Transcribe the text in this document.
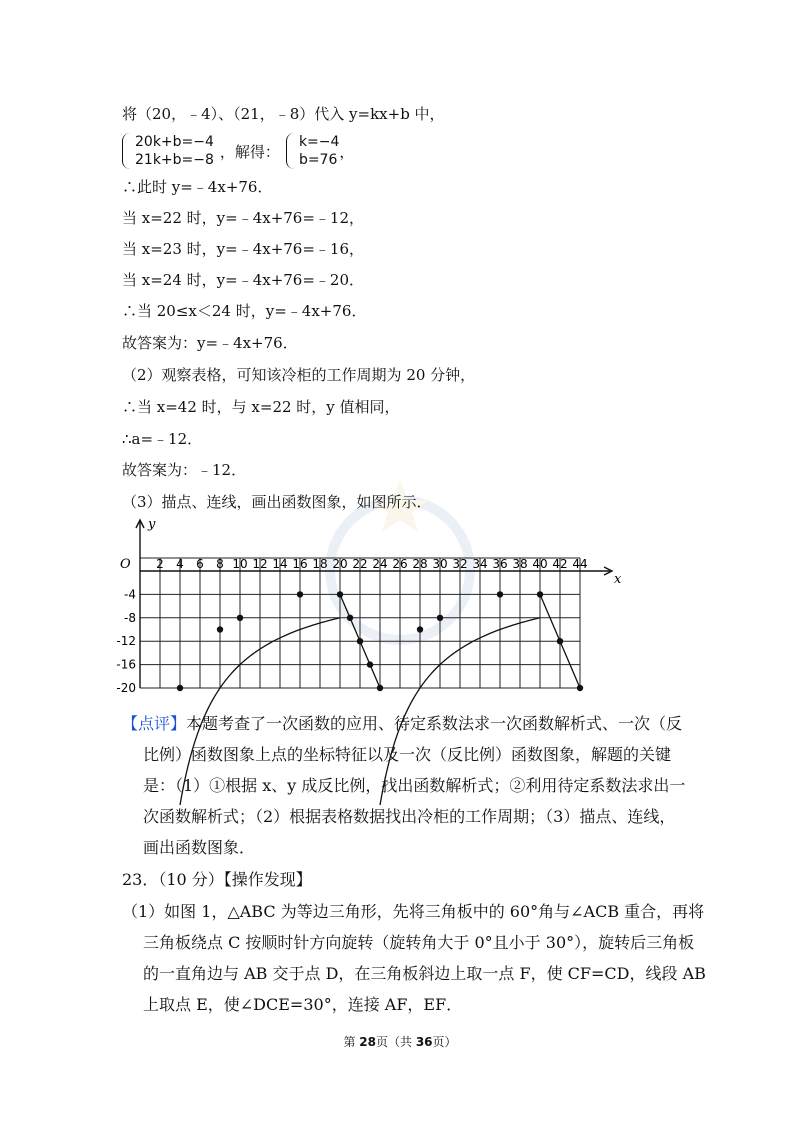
将（20，﹣4）、（21，﹣8）代入 y=kx+b 中，
20k+b=−4
21k+b=−8 ，解得：
k=−4
b=76 ，
∴此时 y=﹣4x+76．
当 x=22 时，y=﹣4x+76=﹣12，
当 x=23 时，y=﹣4x+76=﹣16，
当 x=24 时，y=﹣4x+76=﹣20．
∴当 20≤x＜24 时，y=﹣4x+76．
故答案为：y=﹣4x+76．
（2）观察表格，可知该冷柜的工作周期为 20 分钟，
∴当 x=42 时，与 x=22 时，y 值相同，
∴a=﹣12．
故答案为：﹣12．
（3）描点、连线，画出函数图象，如图所示．
y
x
O 2 4 6 8 10 12 14 16 18 20 22 24 26 28 30 32 34 36 38 40 42 44
-4
-8
-12
-16
-20
【点评】本题考查了一次函数的应用、待定系数法求一次函数解析式、一次（反
比例）函数图象上点的坐标特征以及一次（反比例）函数图象，解题的关键
是：（1）①根据 x、y 成反比例，找出函数解析式；②利用待定系数法求出一
次函数解析式；（2）根据表格数据找出冷柜的工作周期；（3）描点、连线，
画出函数图象．
23．（10 分）【操作发现】
（1）如图 1，△ABC 为等边三角形，先将三角板中的 60°角与∠ACB 重合，再将
三角板绕点 C 按顺时针方向旋转（旋转角大于 0°且小于 30°），旋转后三角板
的一直角边与 AB 交于点 D，在三角板斜边上取一点 F，使 CF=CD，线段 AB
上取点 E，使∠DCE=30°，连接 AF，EF．
第 28页（共 36页）
